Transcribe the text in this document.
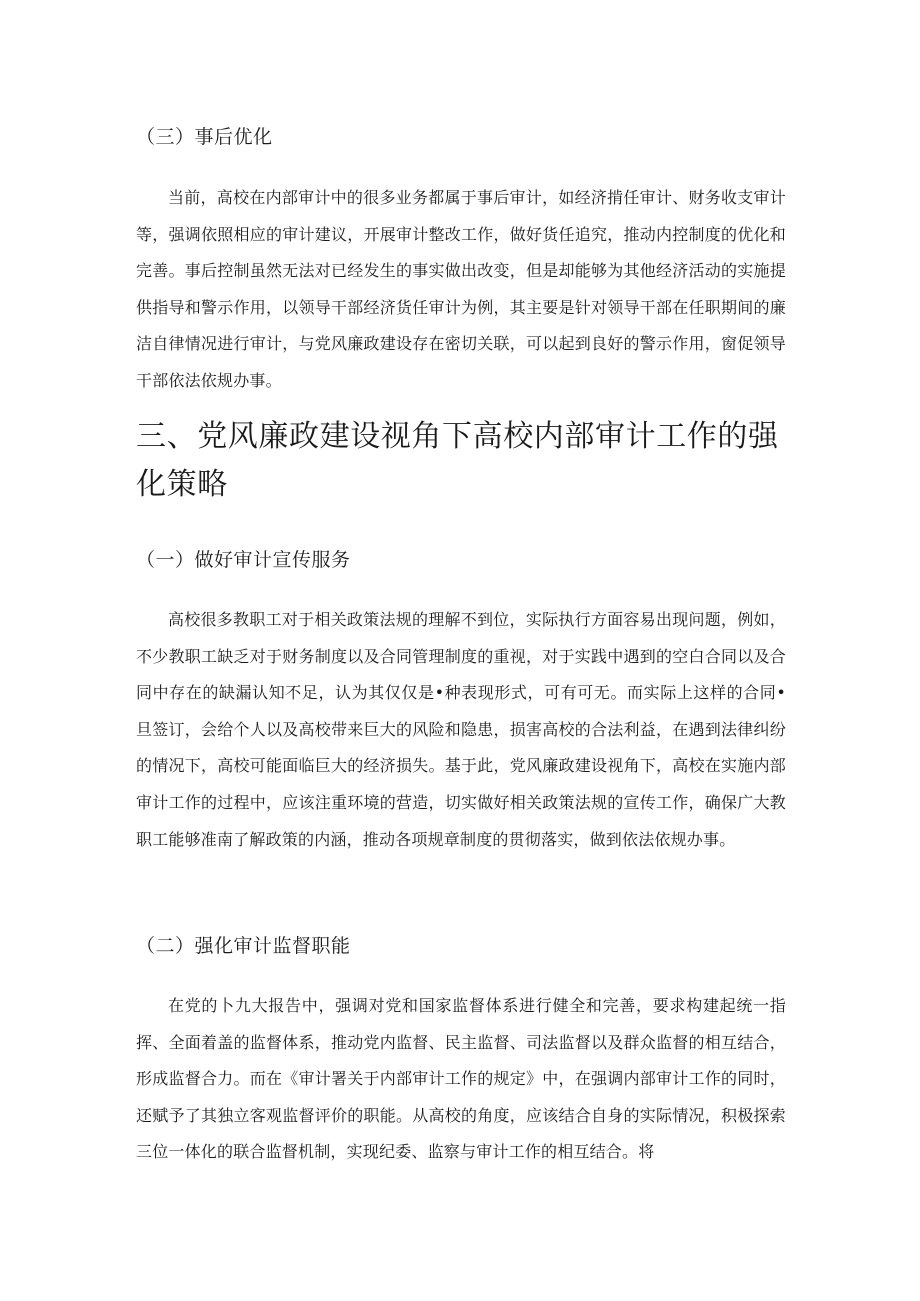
（三）事后优化

当前，高校在内部审计中的很多业务都属于事后审计，如经济掯任审计、财务收支审计等，强调依照相应的审计建议，开展审计整改工作，做好货任追究，推动内控制度的优化和完善。事后控制虽然无法对已经发生的事实做出改变，但是却能够为其他经济活动的实施提供指导和警示作用，以领导干部经济货任审计为例，其主要是针对领导干部在任职期间的廉洁自律情况进行审计，与党风廉政建设存在密切关联，可以起到良好的警示作用，窗促领导干部依法依规办事。

三、党风廉政建设视角下高校内部审计工作的强化策略
（一）做好审计宣传服务

高校很多教职工对于相关政策法规的理解不到位，实际执行方面容易出现问题，例如，不少教职工缺乏对于财务制度以及合同管理制度的重视，对于实践中遇到的空白合同以及合同中存在的缺漏认知不足，认为其仅仅是•种表现形式，可有可无。而实际上这样的合同•旦签订，会给个人以及高校带来巨大的风险和隐患，损害高校的合法利益，在遇到法律纠纷的情况下，高校可能面临巨大的经济损失。基于此，党风廉政建设视角下，高校在实施内部审计工作的过程中，应该注重环境的营造，切实做好相关政策法规的宣传工作，确保广大教职工能够准南了解政策的内涵，推动各项规章制度的贯彻落实，做到依法依规办事。

（二）强化审计监督职能

在党的卜九大报告中，强调对党和国家监督体系进行健全和完善，要求构建起统一指挥、全面着盖的监督体系，推动党内监督、民主监督、司法监督以及群众监督的相互结合，形成监督合力。而在《审计署关于内部审计工作的规定》中，在强调内部审计工作的同时，还赋予了其独立客观监督评价的职能。从高校的角度，应该结合自身的实际情况，积极探索三位一体化的联合监督机制，实现纪委、监察与审计工作的相互结合。将
